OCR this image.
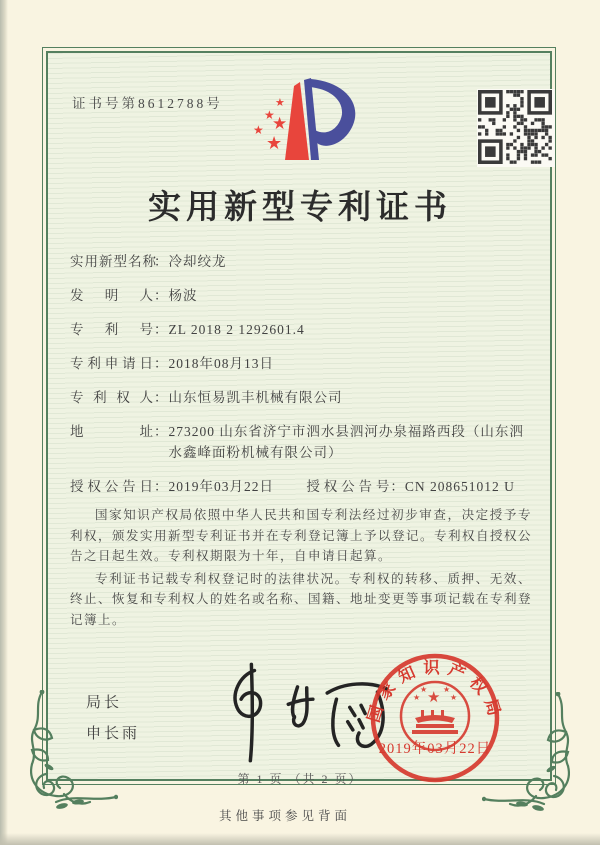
证书号第8612788号	★
★
★
★
★
实用新型专利证书
实用新型名称：冷却绞龙
发明人：杨波
专利号：ZL 2018 2 1292601.4
专利申请日：2018年08月13日
专利权人：山东恒易凯丰机械有限公司
地址：273200 山东省济宁市泗水县泗河办泉福路西段（山东泗水鑫峰面粉机械有限公司）
授权公告日：2019年03月22日 授权公告号：CN 208651012 U

国家知识产权局依照中华人民共和国专利法经过初步审查，决定授予专利权，颁发实用新型专利证书并在专利登记簿上予以登记。专利权自授权公告之日起生效。专利权期限为十年，自申请日起算。

专利证书记载专利权登记时的法律状况。专利权的转移、质押、无效、终止、恢复和专利权人的姓名或名称、国籍、地址变更等事项记载在专利登记簿上。

局长
申长雨
国家知识产权局
★
★
★ ★
★
2019年03月22日
第 1 页 （共 2 页）
其他事项参见背面
